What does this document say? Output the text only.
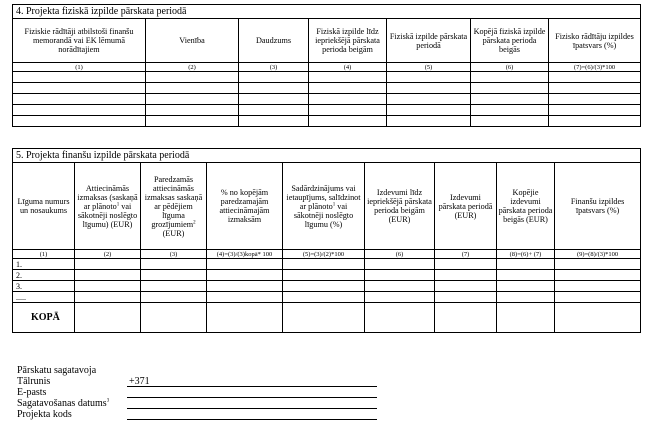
4. Projekta fiziskā izpilde pārskata periodā						
Fiziskie rādītāji atbilstoši finanšu memorandā vai EK lēmumā norādītajiem	Vienība	Daudzums	Fiziskā izpilde līdz iepriekšējā pārskata perioda beigām	Fiziskā izpilde pārskata periodā	Kopējā fiziskā izpilde pārskata perioda beigās	Fizisko rādītāju izpildes īpatsvars (%)
(1)	(2)	(3)	(4)	(5)	(6)	(7)=(6)/(3)*100

5. Projekta finanšu izpilde pārskata periodā								
Līguma numurs un nosaukums	Attiecināmās izmaksas (saskaņā ar plānoto$^1$ vai sākotnēji noslēgto līgumu) (EUR)	Paredzamās attiecināmās izmaksas saskaņā ar pēdējiem līguma grozījumiem$^2$ (EUR)	% no kopējām paredzamajām attiecināmajām izmaksām	Sadārdzinājums vai ietaupījums, salīdzinot ar plānoto$^1$ vai sākotnēji noslēgto līgumu (%)	Izdevumi līdz iepriekšējā pārskata perioda beigām (EUR)	Izdevumi pārskata periodā (EUR)	Kopējie izdevumi pārskata perioda beigās (EUR)	Finanšu izpildes īpatsvars (%)
(1)	(2)	(3)	(4)=(3)/(3)kopā* 100	(5)=(3)/(2)*100	(6)	(7)	(8)=(6)+ (7)	(9)=(8)/(3)*100
1.								
2.								
3.								
.....								
KOPĀ								
Pārskatu sagatavoja
Tālrunis	+371
E-pasts
Sagatavošanas datums$^3$
Projekta kods
